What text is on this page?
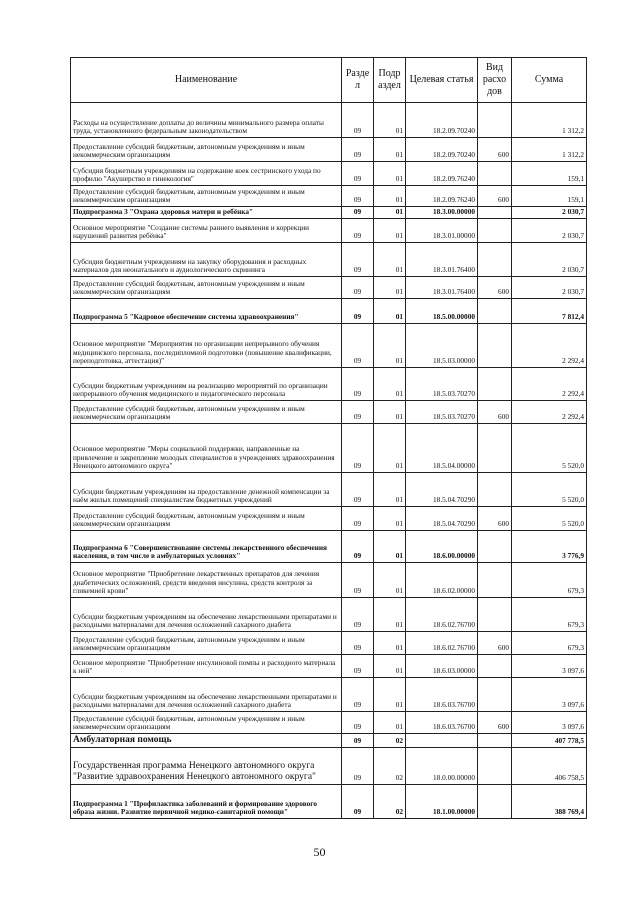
Наименование	Разде л	Подр аздел	Целевая статья	Вид расхо дов	Сумма
Расходы на осуществление доплаты до величины минимального размера оплаты труда, установленного федеральным законодательством	09	01	18.2.09.70240		1 312,2
Предоставление субсидий бюджетным, автономным учреждениям и иным некоммерческим организациям	09	01	18.2.09.70240	600	1 312,2
Субсидия бюджетным учреждениям на содержание коек сестринского ухода по профилю "Акушерство и гинекология"	09	01	18.2.09.76240		159,1
Предоставление субсидий бюджетным, автономным учреждениям и иным некоммерческим организациям	09	01	18.2.09.76240	600	159,1
Подпрограмма 3 "Охрана здоровья матери и ребёнка"	09	01	18.3.00.00000		2 030,7
Основное мероприятие "Создание системы раннего выявления и коррекции нарушений развития ребёнка"	09	01	18.3.01.00000		2 030,7
Субсидия бюджетным учреждениям на закупку оборудования и расходных материалов для неонатального и аудиологического скрининга	09	01	18.3.01.76400		2 030,7
Предоставление субсидий бюджетным, автономным учреждениям и иным некоммерческим организациям	09	01	18.3.01.76400	600	2 030,7
Подпрограмма 5 "Кадровое обеспечение системы здравоохранения"	09	01	18.5.00.00000		7 812,4
Основное мероприятие "Мероприятия по организации непрерывного обучения медицинского персонала, последипломной подготовки (повышение квалификации, переподготовка, аттестация)"	09	01	18.5.03.00000		2 292,4
Субсидии бюджетным учреждениям на реализацию мероприятий по организации непрерывного обучения медицинского и педагогического персонала	09	01	18.5.03.70270		2 292,4
Предоставление субсидий бюджетным, автономным учреждениям и иным некоммерческим организациям	09	01	18.5.03.70270	600	2 292,4
Основное мероприятие "Меры социальной поддержки, направленные на привлечение и закрепление молодых специалистов в учреждениях здравоохранения Ненецкого автономного округа"	09	01	18.5.04.00000		5 520,0
Субсидии бюджетным учреждениям на предоставление денежной компенсации за наём жилых помещений специалистам бюджетных учреждений	09	01	18.5.04.70290		5 520,0
Предоставление субсидий бюджетным, автономным учреждениям и иным некоммерческим организациям	09	01	18.5.04.70290	600	5 520,0
Подпрограмма 6 "Совершенствование системы лекарственного обеспечения населения, в том числе в амбулаторных условиях"	09	01	18.6.00.00000		3 776,9
Основное мероприятие "Приобретение лекарственных препаратов для лечения диабетических осложнений, средств введения инсулина, средств контроля за гликемией крови"	09	01	18.6.02.00000		679,3
Субсидии бюджетным учреждениям на обеспечение лекарственными препаратами и расходными материалами для лечения осложнений сахарного диабета	09	01	18.6.02.76700		679,3
Предоставление субсидий бюджетным, автономным учреждениям и иным некоммерческим организациям	09	01	18.6.02.76700	600	679,3
Основное мероприятие "Приобретение инсулиновой помпы и расходного материала к ней"	09	01	18.6.03.00000		3 097,6
Субсидии бюджетным учреждениям на обеспечение лекарственными препаратами и расходными материалами для лечения осложнений сахарного диабета	09	01	18.6.03.76700		3 097,6
Предоставление субсидий бюджетным, автономным учреждениям и иным некоммерческим организациям	09	01	18.6.03.76700	600	3 097,6
Амбулаторная помощь	09	02			407 778,5
Государственная программа Ненецкого автономного округа "Развитие здравоохранения Ненецкого автономного округа"	09	02	18.0.00.00000		406 758,5
Подпрограмма 1 "Профилактика заболеваний и формирование здорового образа жизни. Развитие первичной медико-санитарной помощи"	09	02	18.1.00.00000		388 769,4
50
